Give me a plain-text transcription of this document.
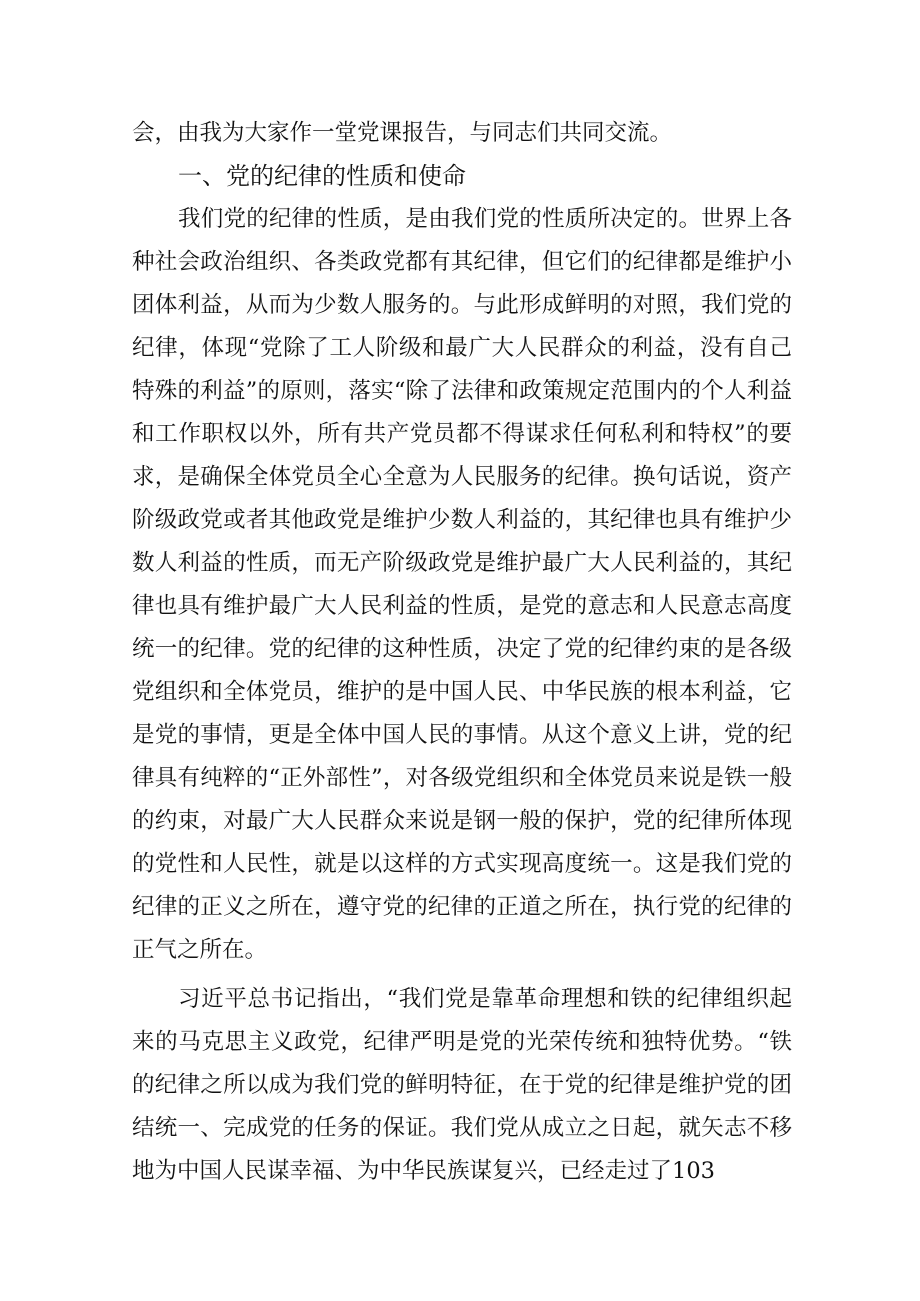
会，由我为大家作一堂党课报告，与同志们共同交流。

一、党的纪律的性质和使命

我们党的纪律的性质，是由我们党的性质所决定的。世界上各种社会政治组织、各类政党都有其纪律，但它们的纪律都是维护小团体利益，从而为少数人服务的。与此形成鲜明的对照，我们党的纪律，体现“党除了工人阶级和最广大人民群众的利益，没有自己特殊的利益”的原则，落实“除了法律和政策规定范围内的个人利益和工作职权以外，所有共产党员都不得谋求任何私利和特权”的要求，是确保全体党员全心全意为人民服务的纪律。换句话说，资产阶级政党或者其他政党是维护少数人利益的，其纪律也具有维护少数人利益的性质，而无产阶级政党是维护最广大人民利益的，其纪律也具有维护最广大人民利益的性质，是党的意志和人民意志高度统一的纪律。党的纪律的这种性质，决定了党的纪律约束的是各级党组织和全体党员，维护的是中国人民、中华民族的根本利益，它是党的事情，更是全体中国人民的事情。从这个意义上讲，党的纪律具有纯粹的“正外部性”，对各级党组织和全体党员来说是铁一般的约束，对最广大人民群众来说是钢一般的保护，党的纪律所体现的党性和人民性，就是以这样的方式实现高度统一。这是我们党的纪律的正义之所在，遵守党的纪律的正道之所在，执行党的纪律的正气之所在。

习近平总书记指出，“我们党是靠革命理想和铁的纪律组织起来的马克思主义政党，纪律严明是党的光荣传统和独特优势。“铁的纪律之所以成为我们党的鲜明特征，在于党的纪律是维护党的团结统一、完成党的任务的保证。我们党从成立之日起，就矢志不移地为中国人民谋幸福、为中华民族谋复兴，已经走过了103
